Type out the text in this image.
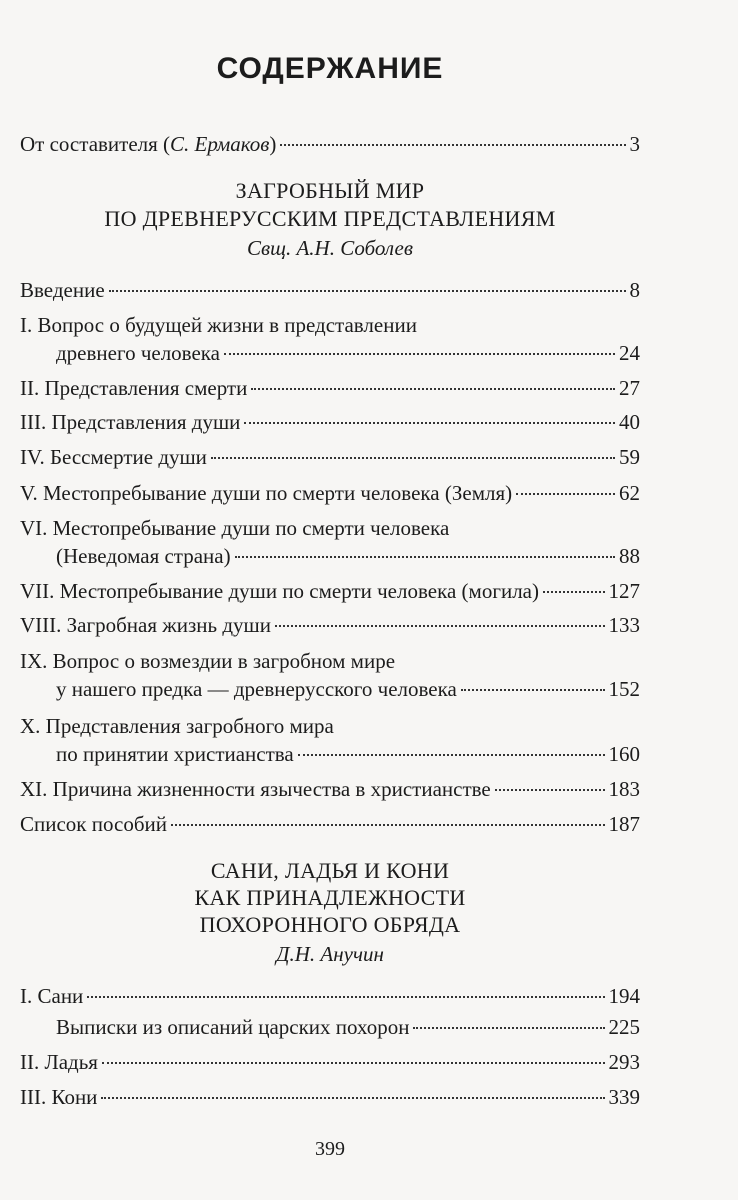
СОДЕРЖАНИЕ
От составителя (С. Ермаков)	3
ЗАГРОБНЫЙ МИР
ПО ДРЕВНЕРУССКИМ ПРЕДСТАВЛЕНИЯМ
Свщ. А.Н. Соболев
Введение	8
I. Вопрос о будущей жизни в представлении
древнего человека	24
II. Представления смерти	27
III. Представления души	40
IV. Бессмертие души	59
V. Местопребывание души по смерти человека (Земля)	62
VI. Местопребывание души по смерти человека
(Неведомая страна)	88
VII. Местопребывание души по смерти человека (могила)	127
VIII. Загробная жизнь души	133
IX. Вопрос о возмездии в загробном мире
у нашего предка — древнерусского человека	152
X. Представления загробного мира
по принятии христианства	160
XI. Причина жизненности язычества в христианстве	183
Список пособий	187
САНИ, ЛАДЬЯ И КОНИ
КАК ПРИНАДЛЕЖНОСТИ
ПОХОРОННОГО ОБРЯДА
Д.Н. Анучин
I. Сани	194
Выписки из описаний царских похорон	225
II. Ладья	293
III. Кони	339
399
